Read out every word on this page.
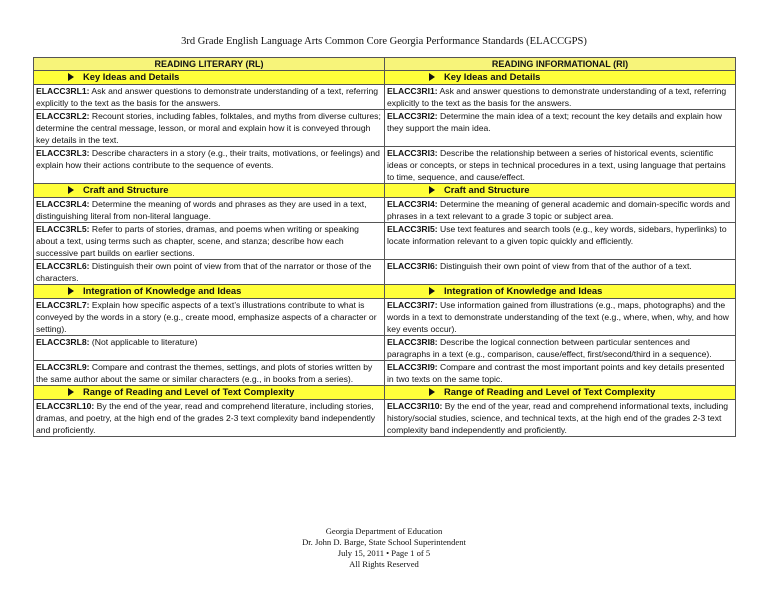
3rd Grade English Language Arts Common Core Georgia Performance Standards (ELACCGPS)
READING LITERARY (RL)	READING INFORMATIONAL (RI)
Key Ideas and Details	Key Ideas and Details
ELACC3RL1: Ask and answer questions to demonstrate understanding of a text, referring explicitly to the text as the basis for the answers.	ELACC3RI1: Ask and answer questions to demonstrate understanding of a text, referring explicitly to the text as the basis for the answers.
ELACC3RL2: Recount stories, including fables, folktales, and myths from diverse cultures; determine the central message, lesson, or moral and explain how it is conveyed through key details in the text.	ELACC3RI2: Determine the main idea of a text; recount the key details and explain how they support the main idea.
ELACC3RL3: Describe characters in a story (e.g., their traits, motivations, or feelings) and explain how their actions contribute to the sequence of events.	ELACC3RI3: Describe the relationship between a series of historical events, scientific ideas or concepts, or steps in technical procedures in a text, using language that pertains to time, sequence, and cause/effect.
Craft and Structure	Craft and Structure
ELACC3RL4: Determine the meaning of words and phrases as they are used in a text, distinguishing literal from non-literal language.	ELACC3RI4: Determine the meaning of general academic and domain-specific words and phrases in a text relevant to a grade 3 topic or subject area.
ELACC3RL5: Refer to parts of stories, dramas, and poems when writing or speaking about a text, using terms such as chapter, scene, and stanza; describe how each successive part builds on earlier sections.	ELACC3RI5: Use text features and search tools (e.g., key words, sidebars, hyperlinks) to locate information relevant to a given topic quickly and efficiently.
ELACC3RL6: Distinguish their own point of view from that of the narrator or those of the characters.	ELACC3RI6: Distinguish their own point of view from that of the author of a text.
Integration of Knowledge and Ideas	Integration of Knowledge and Ideas
ELACC3RL7: Explain how specific aspects of a text’s illustrations contribute to what is conveyed by the words in a story (e.g., create mood, emphasize aspects of a character or setting).	ELACC3RI7: Use information gained from illustrations (e.g., maps, photographs) and the words in a text to demonstrate understanding of the text (e.g., where, when, why, and how key events occur).
ELACC3RL8: (Not applicable to literature)	ELACC3RI8: Describe the logical connection between particular sentences and paragraphs in a text (e.g., comparison, cause/effect, first/second/third in a sequence).
ELACC3RL9: Compare and contrast the themes, settings, and plots of stories written by the same author about the same or similar characters (e.g., in books from a series).	ELACC3RI9: Compare and contrast the most important points and key details presented in two texts on the same topic.
Range of Reading and Level of Text Complexity	Range of Reading and Level of Text Complexity
ELACC3RL10: By the end of the year, read and comprehend literature, including stories, dramas, and poetry, at the high end of the grades 2-3 text complexity band independently and proficiently.	ELACC3RI10: By the end of the year, read and comprehend informational texts, including history/social studies, science, and technical texts, at the high end of the grades 2-3 text complexity band independently and proficiently.
Georgia Department of Education
Dr. John D. Barge, State School Superintendent
July 15, 2011 • Page 1 of 5
All Rights Reserved
